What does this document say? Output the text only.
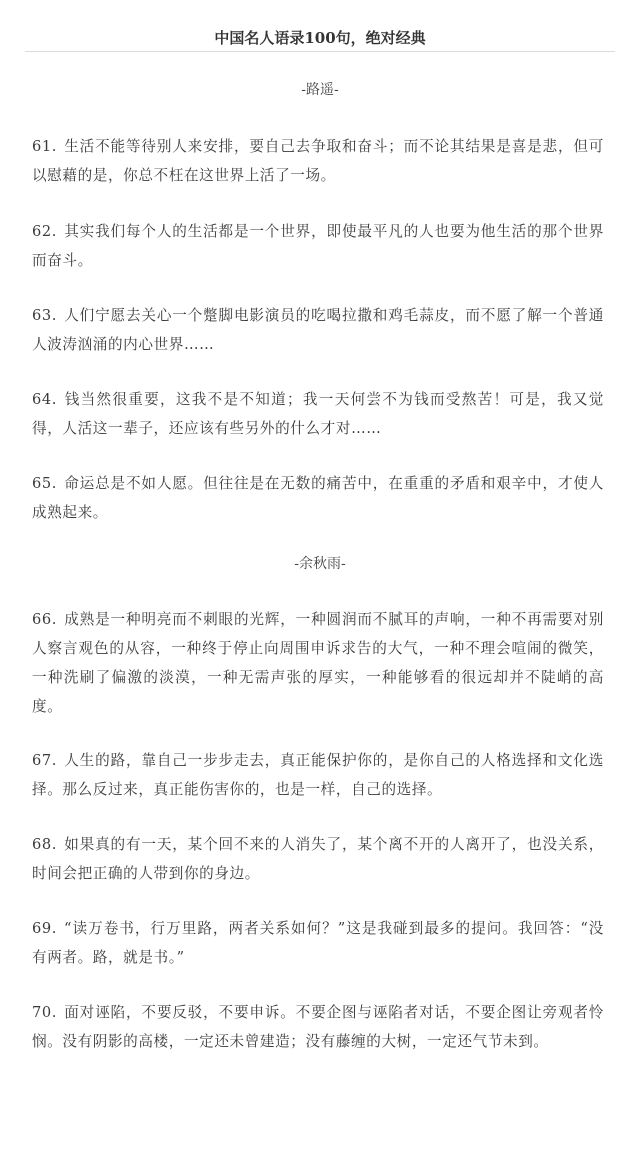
中国名人语录100句，绝对经典
-路遥-

61. 生活不能等待别人来安排，要自己去争取和奋斗；而不论其结果是喜是悲，但可以慰藉的是，你总不枉在这世界上活了一场。

62. 其实我们每个人的生活都是一个世界，即使最平凡的人也要为他生活的那个世界而奋斗。

63. 人们宁愿去关心一个蹩脚电影演员的吃喝拉撒和鸡毛蒜皮，而不愿了解一个普通人波涛汹涌的内心世界……

64. 钱当然很重要，这我不是不知道；我一天何尝不为钱而受熬苦！可是，我又觉得，人活这一辈子，还应该有些另外的什么才对……

65. 命运总是不如人愿。但往往是在无数的痛苦中，在重重的矛盾和艰辛中，才使人成熟起来。

-余秋雨-

66. 成熟是一种明亮而不刺眼的光辉，一种圆润而不腻耳的声响，一种不再需要对别人察言观色的从容，一种终于停止向周围申诉求告的大气，一种不理会喧闹的微笑，一种洗刷了偏激的淡漠，一种无需声张的厚实，一种能够看的很远却并不陡峭的高度。

67. 人生的路，靠自己一步步走去，真正能保护你的，是你自己的人格选择和文化选择。那么反过来，真正能伤害你的，也是一样，自己的选择。

68. 如果真的有一天，某个回不来的人消失了，某个离不开的人离开了，也没关系，时间会把正确的人带到你的身边。

69. “读万卷书，行万里路，两者关系如何？”这是我碰到最多的提问。我回答：“没有两者。路，就是书。”

70. 面对诬陷，不要反驳，不要申诉。不要企图与诬陷者对话，不要企图让旁观者怜悯。没有阴影的高楼，一定还未曾建造；没有藤缠的大树，一定还气节未到。
